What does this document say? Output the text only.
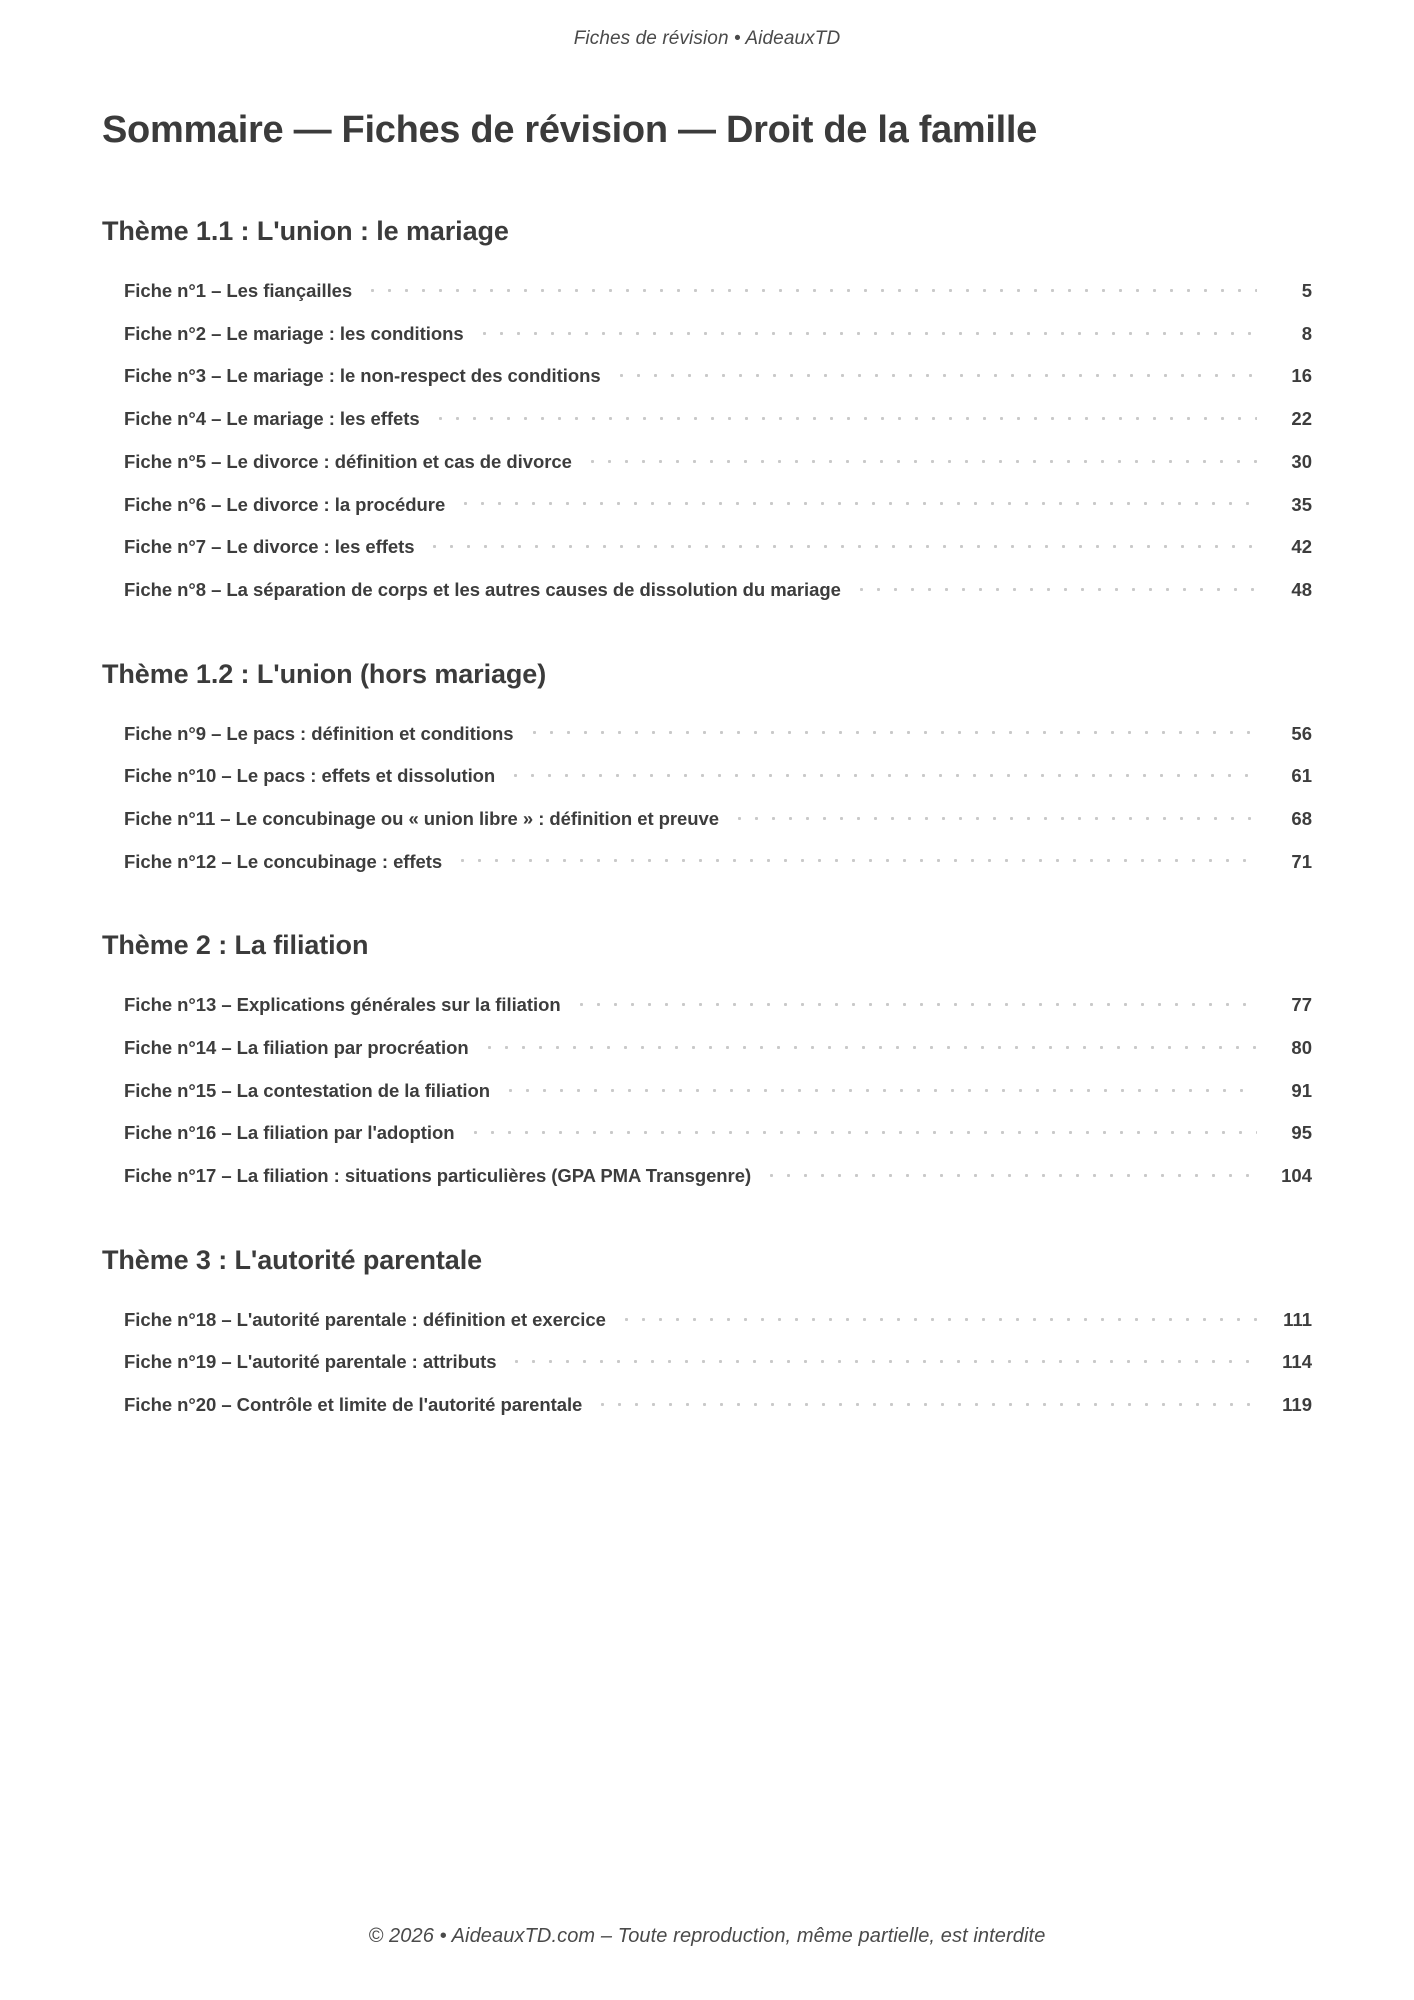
Fiches de révision • AideauxTD
Sommaire — Fiches de révision — Droit de la famille
Thème 1.1 : L'union : le mariage
Fiche n°1 – Les fiançailles	5
Fiche n°2 – Le mariage : les conditions	8
Fiche n°3 – Le mariage : le non-respect des conditions	16
Fiche n°4 – Le mariage : les effets	22
Fiche n°5 – Le divorce : définition et cas de divorce	30
Fiche n°6 – Le divorce : la procédure	35
Fiche n°7 – Le divorce : les effets	42
Fiche n°8 – La séparation de corps et les autres causes de dissolution du mariage	48
Thème 1.2 : L'union (hors mariage)
Fiche n°9 – Le pacs : définition et conditions	56
Fiche n°10 – Le pacs : effets et dissolution	61
Fiche n°11 – Le concubinage ou « union libre » : définition et preuve	68
Fiche n°12 – Le concubinage : effets	71
Thème 2 : La filiation
Fiche n°13 – Explications générales sur la filiation	77
Fiche n°14 – La filiation par procréation	80
Fiche n°15 – La contestation de la filiation	91
Fiche n°16 – La filiation par l'adoption	95
Fiche n°17 – La filiation : situations particulières (GPA PMA Transgenre)	104
Thème 3 : L'autorité parentale
Fiche n°18 – L'autorité parentale : définition et exercice	111
Fiche n°19 – L'autorité parentale : attributs	114
Fiche n°20 – Contrôle et limite de l'autorité parentale	119
© 2026 • AideauxTD.com – Toute reproduction, même partielle, est interdite
